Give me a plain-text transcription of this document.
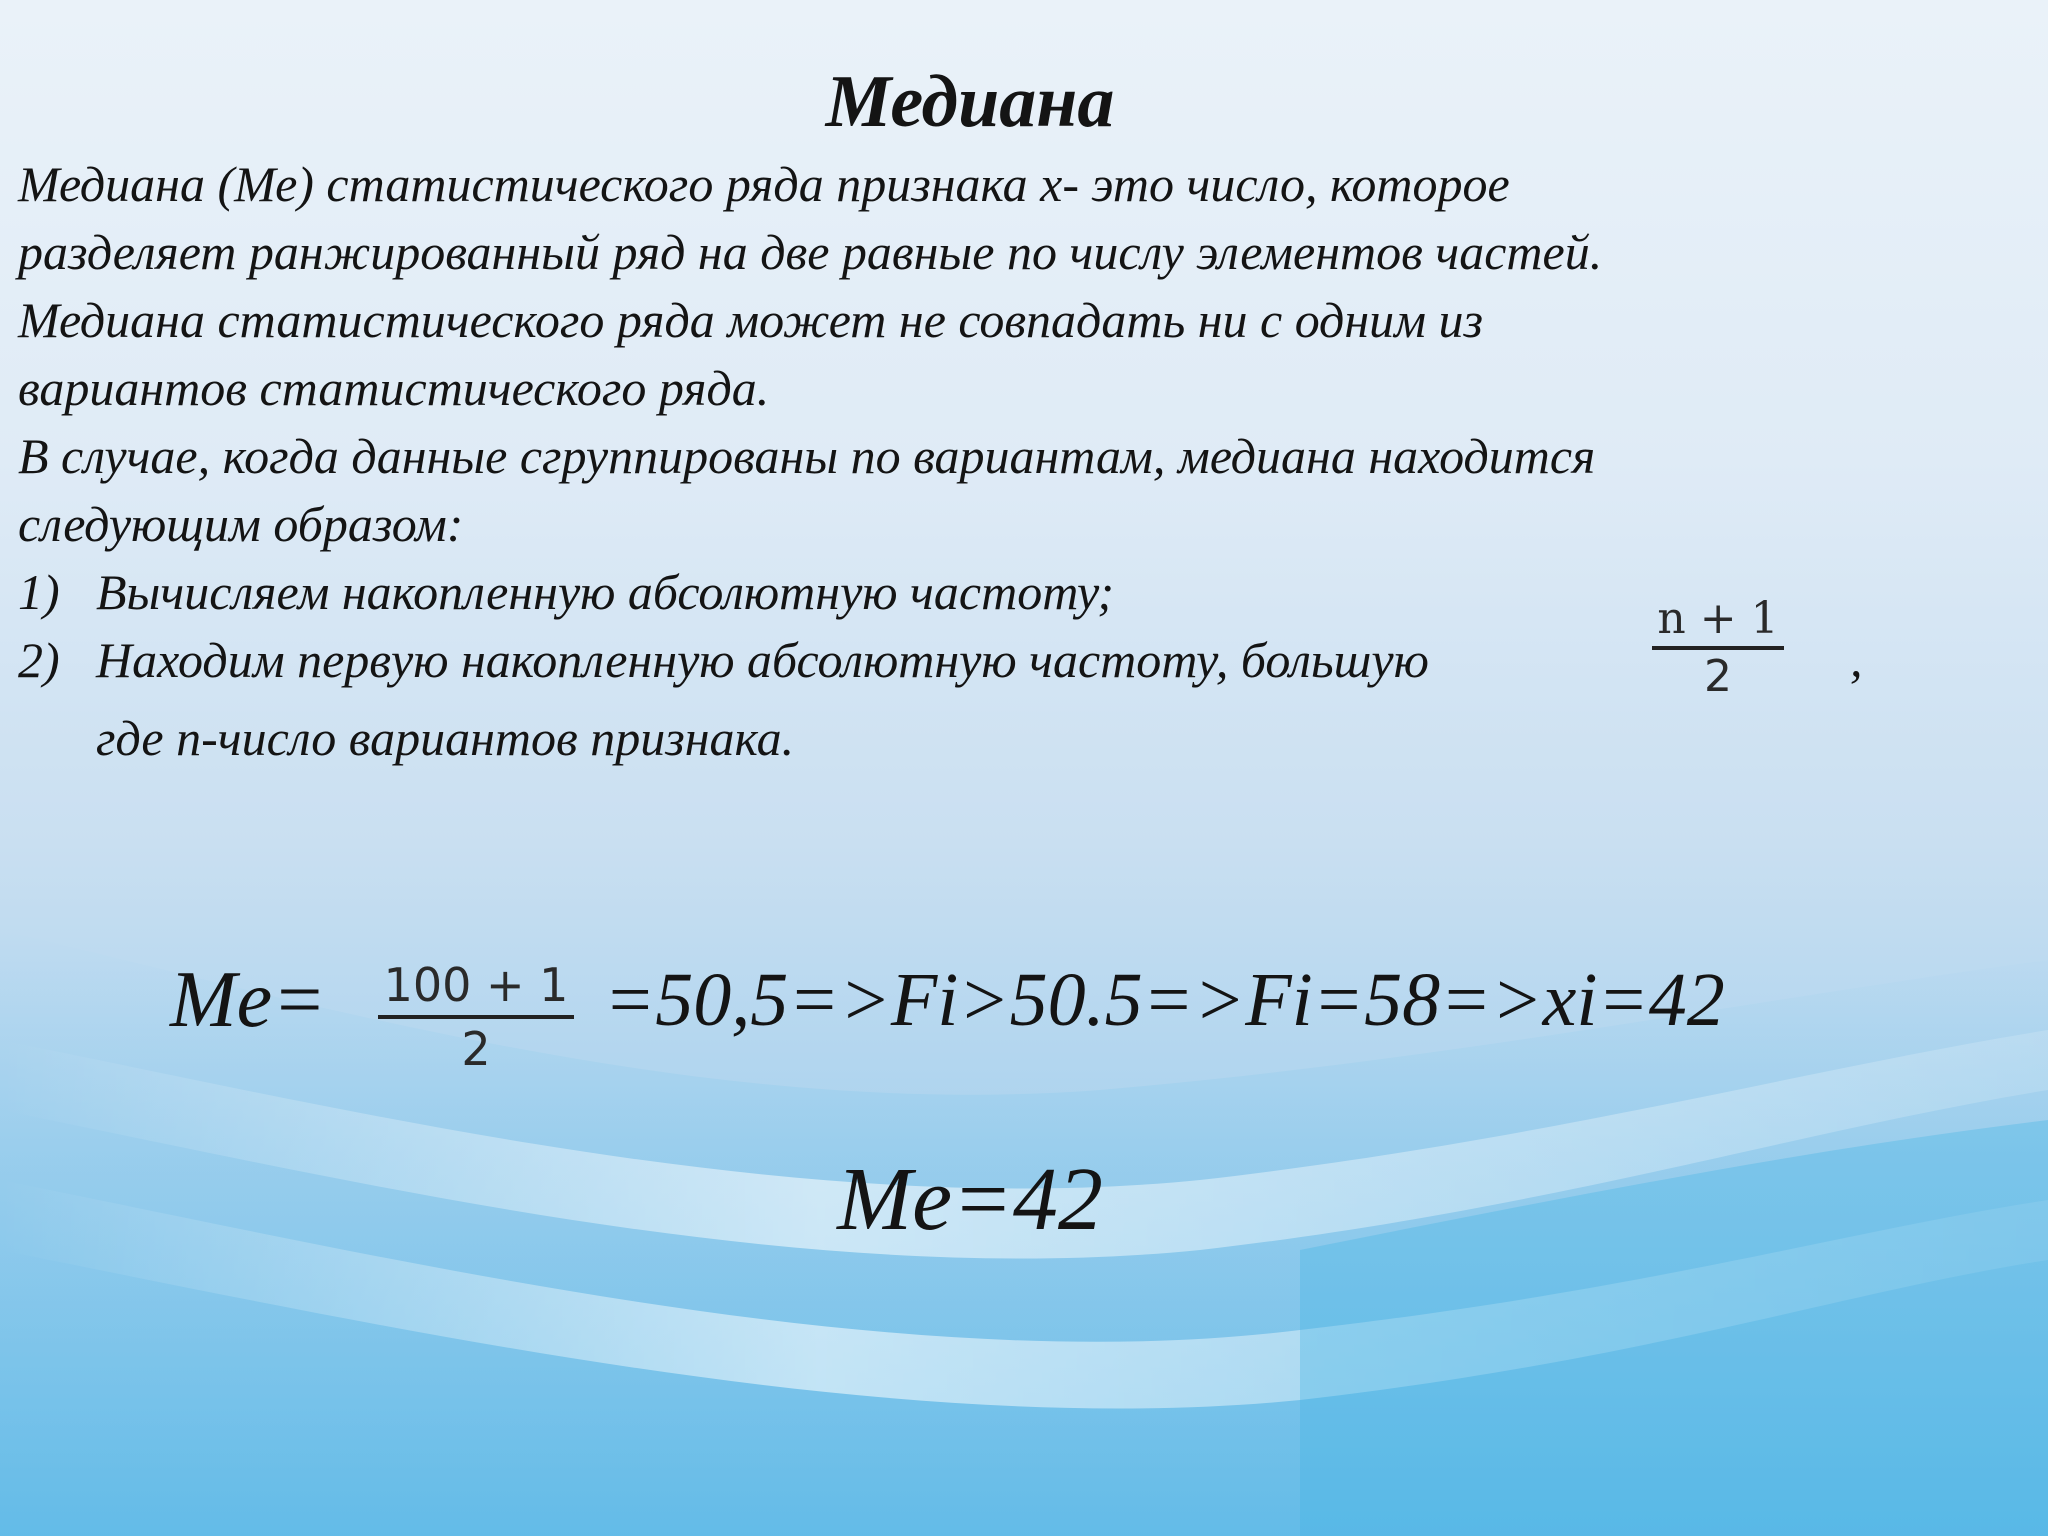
Медиана

Медиана (Ме) статистического ряда признака х- это число, которое

разделяет ранжированный ряд на две равные по числу элементов частей.

Медиана статистического ряда может не совпадать ни с одним из

вариантов статистического ряда.

В случае, когда данные сгруппированы по вариантам, медиана находится

следующим образом:

1) Вычисляем накопленную абсолютную частоту;
2) Находим первую накопленную абсолютную частоту, большую
где n-число вариантов признака.
n + 1
2	,
Me= 100 + 1
2
=50,5=>Fi>50.5=>Fi=58=>xi=42
Me=42
